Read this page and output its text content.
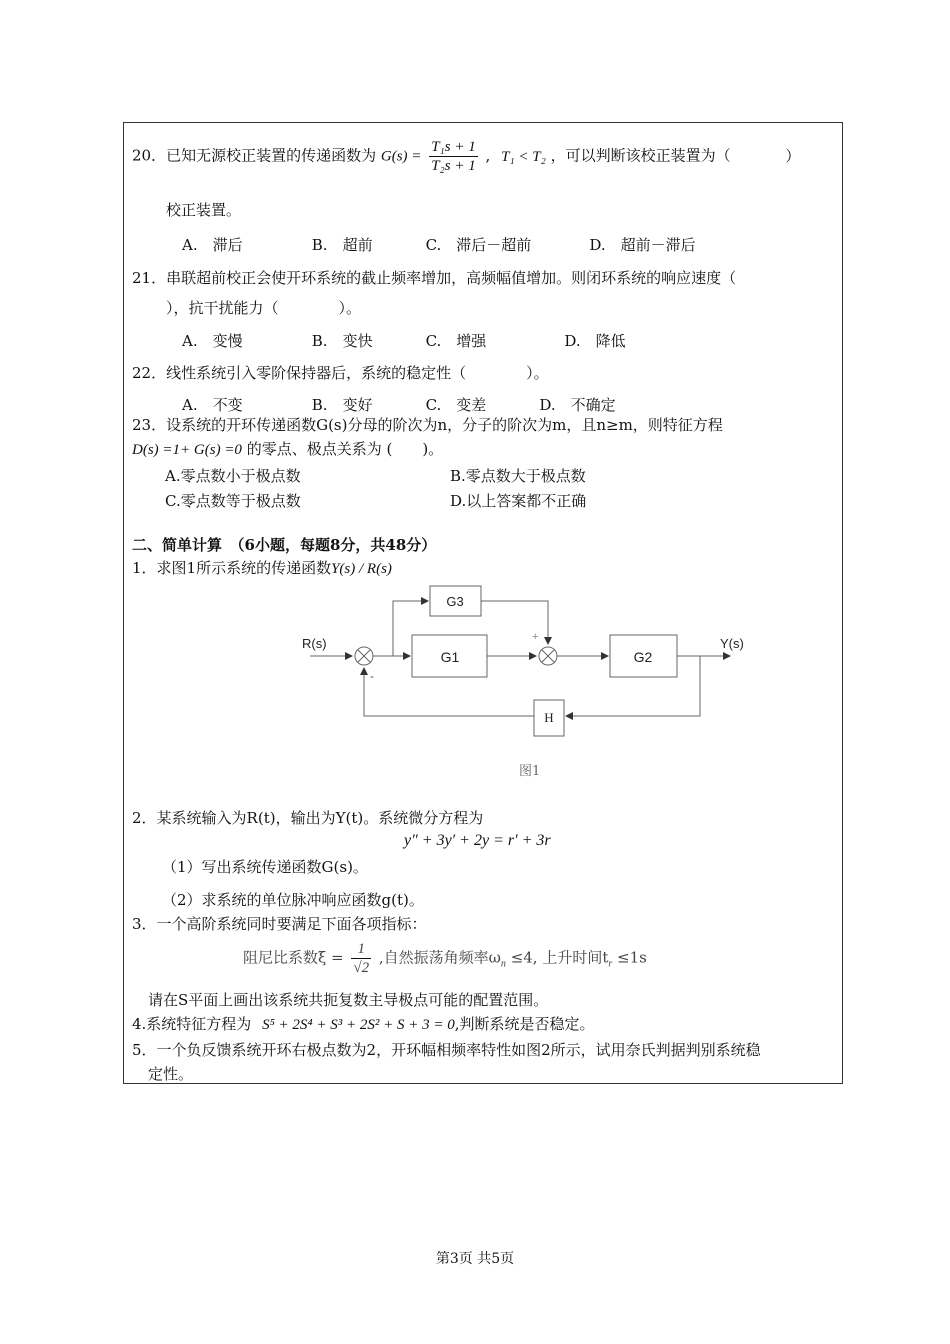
20．已知无源校正装置的传递函数为 $G(s) = \frac{\text{T₁s + 1}}{\text{T₂s + 1}}$ , T₁ < T₂ ，可以判断该校正装置为（	）
校正装置。
A.　滞后	B.　超前	C.　滞后－超前	D.　超前－滞后
21．串联超前校正会使开环系统的截止频率增加，高频幅值增加。则闭环系统的响应速度（
），抗干扰能力（　　　　）。
A.　变慢	B.　变快	C.　增强	D.　降低
22．线性系统引入零阶保持器后，系统的稳定性（　　　　）。
A.　不变	B.　变好	C.　变差	D.　不确定
23．设系统的开环传递函数G(s)分母的阶次为n，分子的阶次为m，且n≥m，则特征方程
D(s) =1+ G(s) =0 的零点、极点关系为 (　　)。
A.零点数小于极点数	B.零点数大于极点数
C.零点数等于极点数	D.以上答案都不正确
二、简单计算　（6小题，每题8分，共48分）
1．求图1所示系统的传递函数Y(s) / R(s)
G1	G2
G3
H
R(s)	Y(s)
+
-
图1
2．某系统输入为R(t)，输出为Y(t)。系统微分方程为
y″ + 3y′ + 2y = r′ + 3r
（1）写出系统传递函数G(s)。
（2）求系统的单位脉冲响应函数g(t)。
3．一个高阶系统同时要满足下面各项指标：
阻尼比系数$\xi = \frac{1}{√2}$ ,自然振荡角频率$\omega_n \le 4$, 上升时间$t_r \le 1s$
请在S平面上画出该系统共扼复数主导极点可能的配置范围。
4.系统特征方程为 S⁵ + 2S⁴ + S³ + 2S² + S + 3 = 0,判断系统是否稳定。
5．一个负反馈系统开环右极点数为2，开环幅相频率特性如图2所示，试用奈氏判据判别系统稳
定性。
第3页 共5页
